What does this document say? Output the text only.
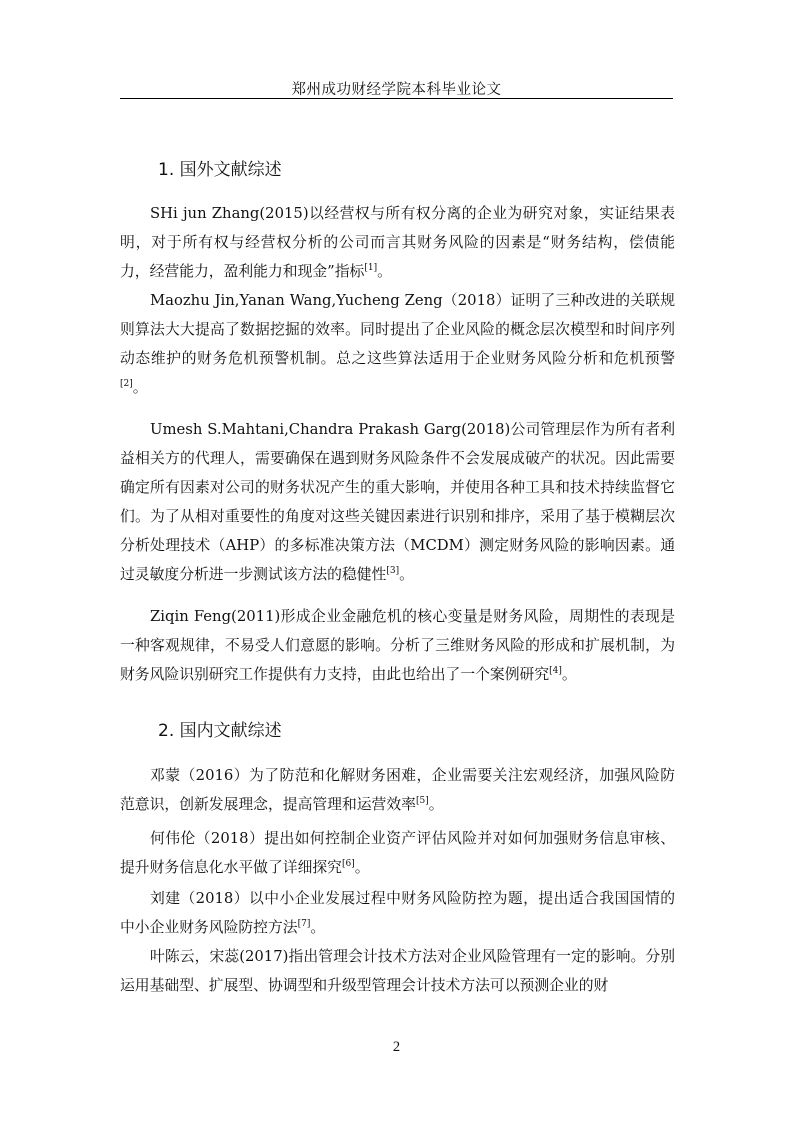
郑州成功财经学院本科毕业论文
1. 国外文献综述
SHi jun Zhang(2015)以经营权与所有权分离的企业为研究对象，实证结果表明，对于所有权与经营权分析的公司而言其财务风险的因素是“财务结构，偿债能力，经营能力，盈利能力和现金”指标[1]。
Maozhu Jin,Yanan Wang,Yucheng Zeng（2018）证明了三种改进的关联规则算法大大提高了数据挖掘的效率。同时提出了企业风险的概念层次模型和时间序列动态维护的财务危机预警机制。总之这些算法适用于企业财务风险分析和危机预警[2]。
Umesh S.Mahtani,Chandra Prakash Garg(2018)公司管理层作为所有者利益相关方的代理人，需要确保在遇到财务风险条件不会发展成破产的状况。因此需要确定所有因素对公司的财务状况产生的重大影响，并使用各种工具和技术持续监督它们。为了从相对重要性的角度对这些关键因素进行识别和排序，采用了基于模糊层次分析处理技术（AHP）的多标准决策方法（MCDM）测定财务风险的影响因素。通过灵敏度分析进一步测试该方法的稳健性[3]。
Ziqin Feng(2011)形成企业金融危机的核心变量是财务风险，周期性的表现是一种客观规律，不易受人们意愿的影响。分析了三维财务风险的形成和扩展机制，为财务风险识别研究工作提供有力支持，由此也给出了一个案例研究[4]。
2. 国内文献综述
邓蒙（2016）为了防范和化解财务困难，企业需要关注宏观经济，加强风险防范意识，创新发展理念，提高管理和运营效率[5]。
何伟伦（2018）提出如何控制企业资产评估风险并对如何加强财务信息审核、提升财务信息化水平做了详细探究[6]。
刘建（2018）以中小企业发展过程中财务风险防控为题，提出适合我国国情的中小企业财务风险防控方法[7]。
叶陈云，宋蕊(2017)指出管理会计技术方法对企业风险管理有一定的影响。分别运用基础型、扩展型、协调型和升级型管理会计技术方法可以预测企业的财
2
